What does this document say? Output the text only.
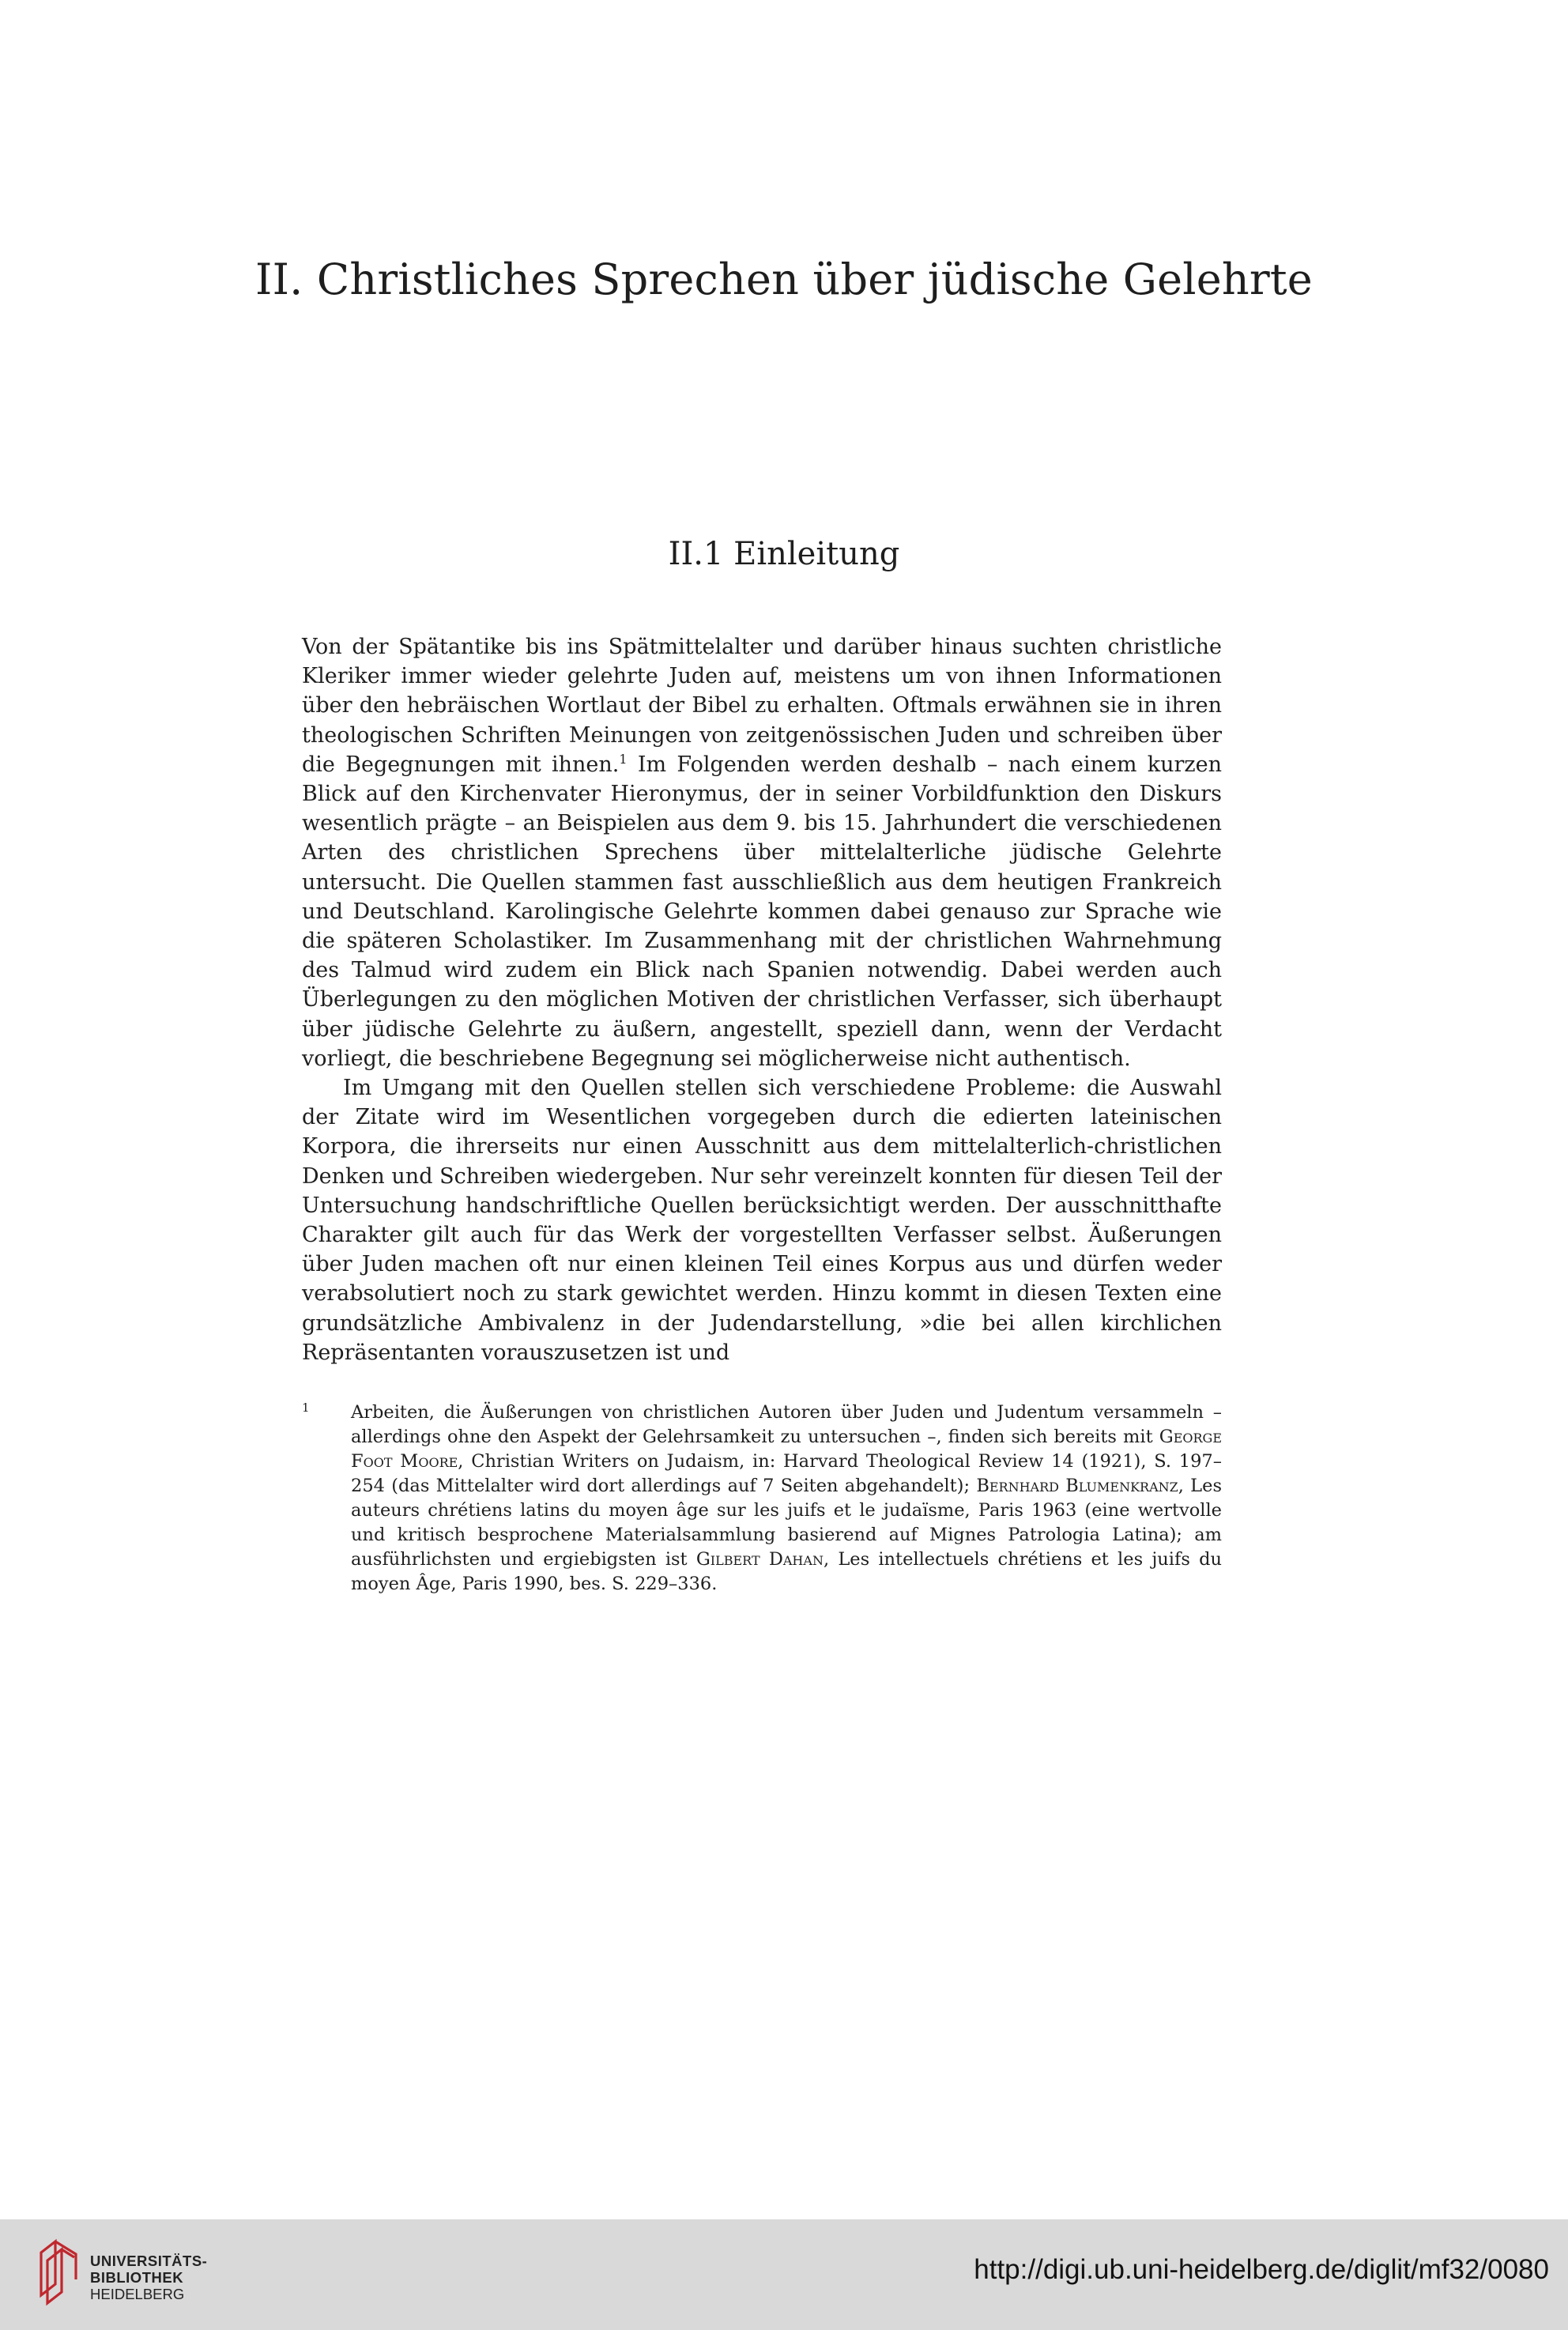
II. Christliches Sprechen über jüdische Gelehrte
II.1 Einleitung

Von der Spätantike bis ins Spätmittelalter und darüber hinaus suchten christliche Kleriker immer wieder gelehrte Juden auf, meistens um von ihnen Informationen über den hebräischen Wortlaut der Bibel zu erhalten. Oftmals erwähnen sie in ihren theologischen Schriften Meinungen von zeitgenössischen Juden und schreiben über die Begegnungen mit ihnen.$^1$ Im Folgenden werden deshalb – nach einem kurzen Blick auf den Kirchenvater Hieronymus, der in seiner Vorbildfunktion den Diskurs wesentlich prägte – an Beispielen aus dem 9. bis 15. Jahrhundert die verschiedenen Arten des christlichen Sprechens über mittelalterliche jüdische Gelehrte untersucht. Die Quellen stammen fast ausschließlich aus dem heutigen Frankreich und Deutschland. Karolingische Gelehrte kommen dabei genauso zur Sprache wie die späteren Scholastiker. Im Zusammenhang mit der christlichen Wahrnehmung des Talmud wird zudem ein Blick nach Spanien notwendig. Dabei werden auch Überlegungen zu den möglichen Motiven der christlichen Verfasser, sich überhaupt über jüdische Gelehrte zu äußern, angestellt, speziell dann, wenn der Verdacht vorliegt, die beschriebene Begegnung sei möglicherweise nicht authentisch.

Im Umgang mit den Quellen stellen sich verschiedene Probleme: die Auswahl der Zitate wird im Wesentlichen vorgegeben durch die edierten lateinischen Korpora, die ihrerseits nur einen Ausschnitt aus dem mittelalterlich-christlichen Denken und Schreiben wiedergeben. Nur sehr vereinzelt konnten für diesen Teil der Untersuchung handschriftliche Quellen berücksichtigt werden. Der ausschnitthafte Charakter gilt auch für das Werk der vorgestellten Verfasser selbst. Äußerungen über Juden machen oft nur einen kleinen Teil eines Korpus aus und dürfen weder verabsolutiert noch zu stark gewichtet werden. Hinzu kommt in diesen Texten eine grundsätzliche Ambivalenz in der Judendarstellung, »die bei allen kirchlichen Repräsentanten vorauszusetzen ist und

1 Arbeiten, die Äußerungen von christlichen Autoren über Juden und Judentum versammeln – allerdings ohne den Aspekt der Gelehrsamkeit zu untersuchen –, finden sich bereits mit George Foot Moore, Christian Writers on Judaism, in: Harvard Theological Review 14 (1921), S. 197–254 (das Mittelalter wird dort allerdings auf 7 Seiten abgehandelt); Bernhard Blumenkranz, Les auteurs chrétiens latins du moyen âge sur les juifs et le judaïsme, Paris 1963 (eine wertvolle und kritisch besprochene Materialsammlung basierend auf Mignes Patrologia Latina); am ausführlichsten und ergiebigsten ist Gilbert Dahan, Les intellectuels chrétiens et les juifs du moyen Âge, Paris 1990, bes. S. 229–336.
UNIVERSITÄTS-
BIBLIOTHEK
HEIDELBERG
http://digi.ub.uni-heidelberg.de/diglit/mf32/0080
